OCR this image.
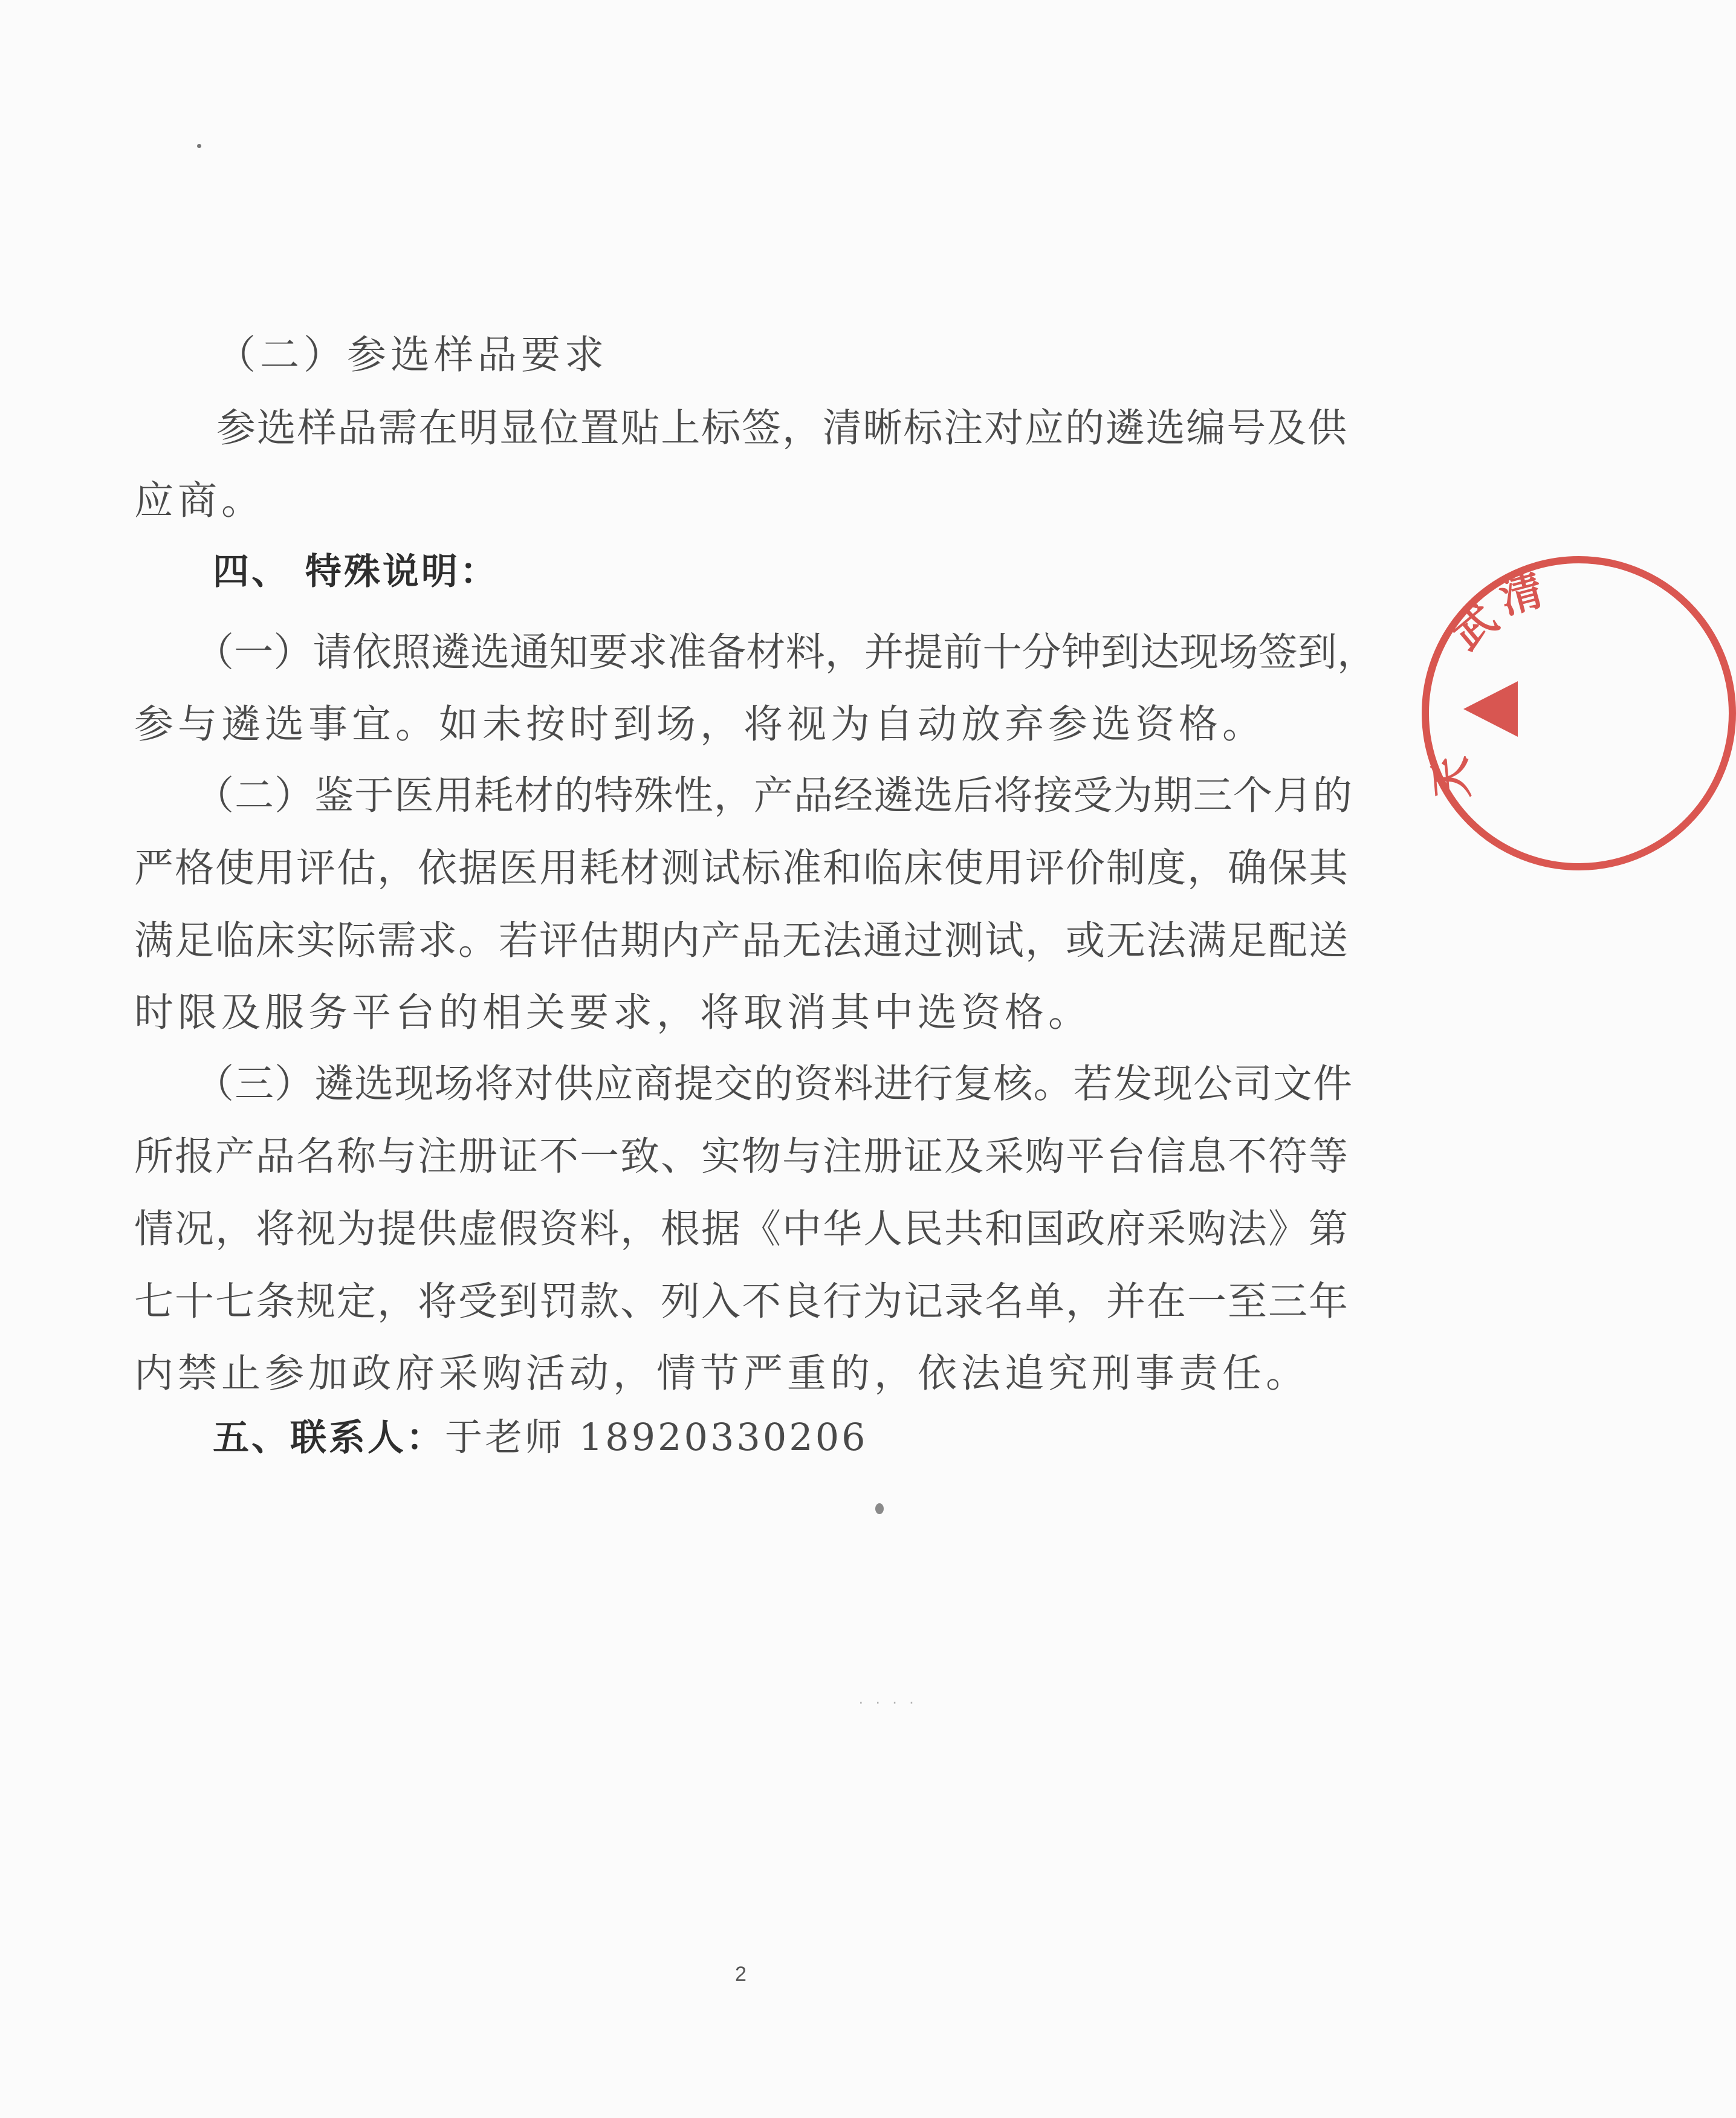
（二）参选样品要求
参选样品需在明显位置贴上标签，清晰标注对应的遴选编号及供
应商。
四、 特殊说明：
（一）请依照遴选通知要求准备材料，并提前十分钟到达现场签到，
参与遴选事宜。如未按时到场，将视为自动放弃参选资格。
（二）鉴于医用耗材的特殊性，产品经遴选后将接受为期三个月的
严格使用评估，依据医用耗材测试标准和临床使用评价制度，确保其
满足临床实际需求。若评估期内产品无法通过测试，或无法满足配送
时限及服务平台的相关要求，将取消其中选资格。
（三）遴选现场将对供应商提交的资料进行复核。若发现公司文件
所报产品名称与注册证不一致、实物与注册证及采购平台信息不符等
情况，将视为提供虚假资料，根据《中华人民共和国政府采购法》第
七十七条规定，将受到罚款、列入不良行为记录名单，并在一至三年
内禁止参加政府采购活动，情节严重的，依法追究刑事责任。
五、联系人：于老师 18920330206
武
清
天
· · · ·
2
